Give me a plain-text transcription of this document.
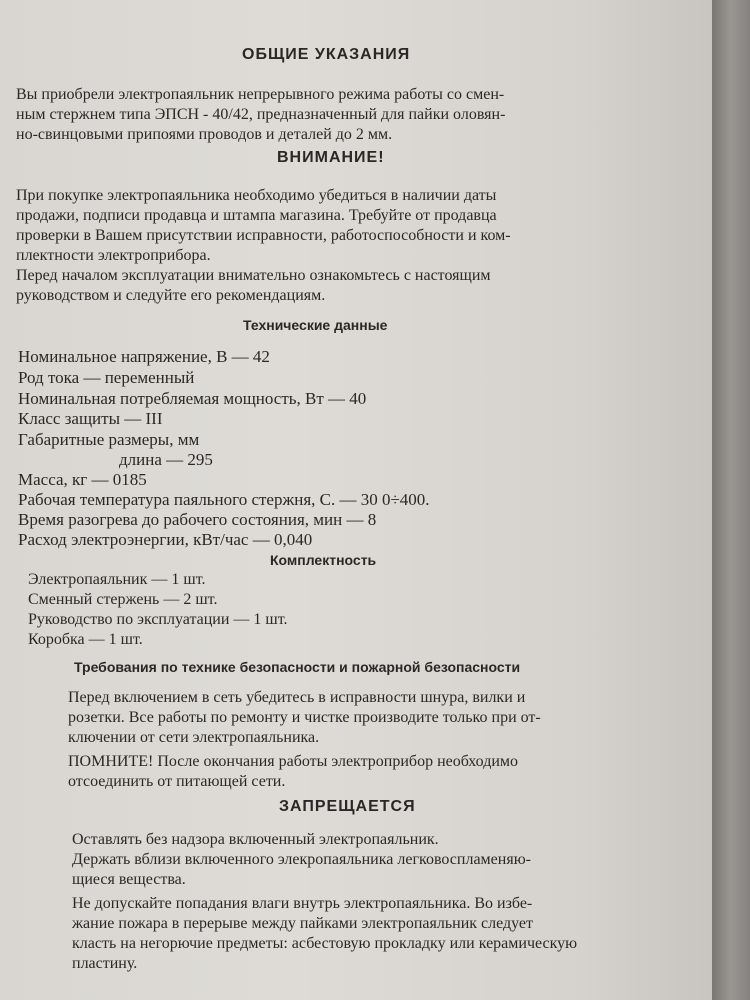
ОБЩИЕ УКАЗАНИЯ
Вы приобрели электропаяльник непрерывного режима работы со смен-
ным стержнем типа ЭПСН - 40/42, предназначенный для пайки оловян-
но-свинцовыми припоями проводов и деталей до 2 мм.
ВНИМАНИЕ!
При покупке электропаяльника необходимо убедиться в наличии даты
продажи, подписи продавца и штампа магазина. Требуйте от продавца
проверки в Вашем присутствии исправности, работоспособности и ком-
плектности электроприбора.
Перед началом эксплуатации внимательно ознакомьтесь с настоящим
руководством и следуйте его рекомендациям.
Технические данные
Номинальное напряжение, В — 42
Род тока — переменный
Номинальная потребляемая мощность, Вт — 40
Класс защиты — III
Габаритные размеры, мм
длина — 295
Масса, кг — 0185
Рабочая температура паяльного стержня, С. — 30 0÷400.
Время разогрева до рабочего состояния, мин — 8
Расход электроэнергии, кВт/час — 0,040
Комплектность
Электропаяльник — 1 шт.
Сменный стержень — 2 шт.
Руководство по эксплуатации — 1 шт.
Коробка — 1 шт.
Требования по технике безопасности и пожарной безопасности
Перед включением в сеть убедитесь в исправности шнура, вилки и
розетки. Все работы по ремонту и чистке производите только при от-
ключении от сети электропаяльника.
ПОМНИТЕ! После окончания работы электроприбор необходимо
отсоединить от питающей сети.
ЗАПРЕЩАЕТСЯ
Оставлять без надзора включенный электропаяльник.
Держать вблизи включенного элекропаяльника легковоспламеняю-
щиеся вещества.
Не допускайте попадания влаги внутрь электропаяльника. Во избе-
жание пожара в перерыве между пайками электропаяльник следует
класть на негорючие предметы: асбестовую прокладку или керамическую
пластину.
